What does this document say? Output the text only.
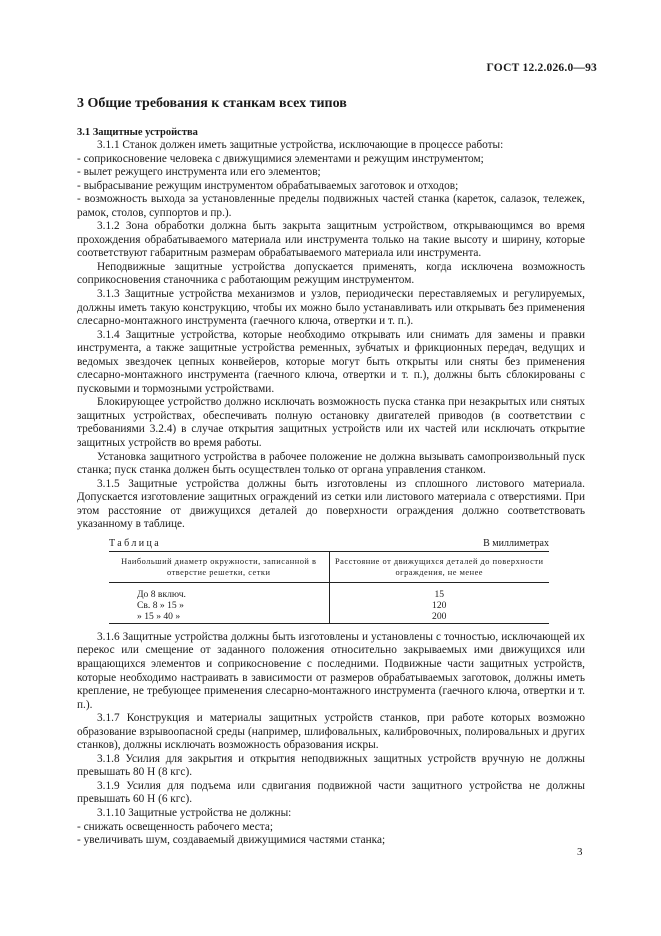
ГОСТ 12.2.026.0—93
3 Общие требования к станкам всех типов
3.1 Защитные устройства

3.1.1 Станок должен иметь защитные устройства, исключающие в процессе работы:

- соприкосновение человека с движущимися элементами и режущим инструментом;

- вылет режущего инструмента или его элементов;

- выбрасывание режущим инструментом обрабатываемых заготовок и отходов;

- возможность выхода за установленные пределы подвижных частей станка (кареток, салазок, тележек, рамок, столов, суппортов и пр.).

3.1.2 Зона обработки должна быть закрыта защитным устройством, открывающимся во время прохождения обрабатываемого материала или инструмента только на такие высоту и ширину, которые соответствуют габаритным размерам обрабатываемого материала или инструмента.

Неподвижные защитные устройства допускается применять, когда исключена возможность соприкосновения станочника с работающим режущим инструментом.

3.1.3 Защитные устройства механизмов и узлов, периодически переставляемых и регулируемых, должны иметь такую конструкцию, чтобы их можно было устанавливать или открывать без применения слесарно-монтажного инструмента (гаечного ключа, отвертки и т. п.).

3.1.4 Защитные устройства, которые необходимо открывать или снимать для замены и правки инструмента, а также защитные устройства ременных, зубчатых и фрикционных передач, ведущих и ведомых звездочек цепных конвейеров, которые могут быть открыты или сняты без применения слесарно-монтажного инструмента (гаечного ключа, отвертки и т. п.), должны быть сблокированы с пусковыми и тормозными устройствами.

Блокирующее устройство должно исключать возможность пуска станка при незакрытых или снятых защитных устройствах, обеспечивать полную остановку двигателей приводов (в соответствии с требованиями 3.2.4) в случае открытия защитных устройств или их частей или исключать открытие защитных устройств во время работы.

Установка защитного устройства в рабочее положение не должна вызывать самопроизвольный пуск станка; пуск станка должен быть осуществлен только от органа управления станком.

3.1.5 Защитные устройства должны быть изготовлены из сплошного листового материала. Допускается изготовление защитных ограждений из сетки или листового материала с отверстиями. При этом расстояние от движущихся деталей до поверхности ограждения должно соответствовать указанному в таблице.

Таблица	В миллиметрах
Наибольший диаметр окружности, записанной в отверстие решетки, сетки	Расстояние от движущихся деталей до поверхности ограждения, не менее
До 8 включ.	15
Св. 8 » 15 »	120
» 15 » 40 »	200

3.1.6 Защитные устройства должны быть изготовлены и установлены с точностью, исключающей их перекос или смещение от заданного положения относительно закрываемых ими движущихся или вращающихся элементов и соприкосновение с последними. Подвижные части защитных устройств, которые необходимо настраивать в зависимости от размеров обрабатываемых заготовок, должны иметь крепление, не требующее применения слесарно-монтажного инструмента (гаечного ключа, отвертки и т. п.).

3.1.7 Конструкция и материалы защитных устройств станков, при работе которых возможно образование взрывоопасной среды (например, шлифовальных, калибровочных, полировальных и других станков), должны исключать возможность образования искры.

3.1.8 Усилия для закрытия и открытия неподвижных защитных устройств вручную не должны превышать 80 Н (8 кгс).

3.1.9 Усилия для подъема или сдвигания подвижной части защитного устройства не должны превышать 60 Н (6 кгс).

3.1.10 Защитные устройства не должны:

- снижать освещенность рабочего места;

- увеличивать шум, создаваемый движущимися частями станка;

3
